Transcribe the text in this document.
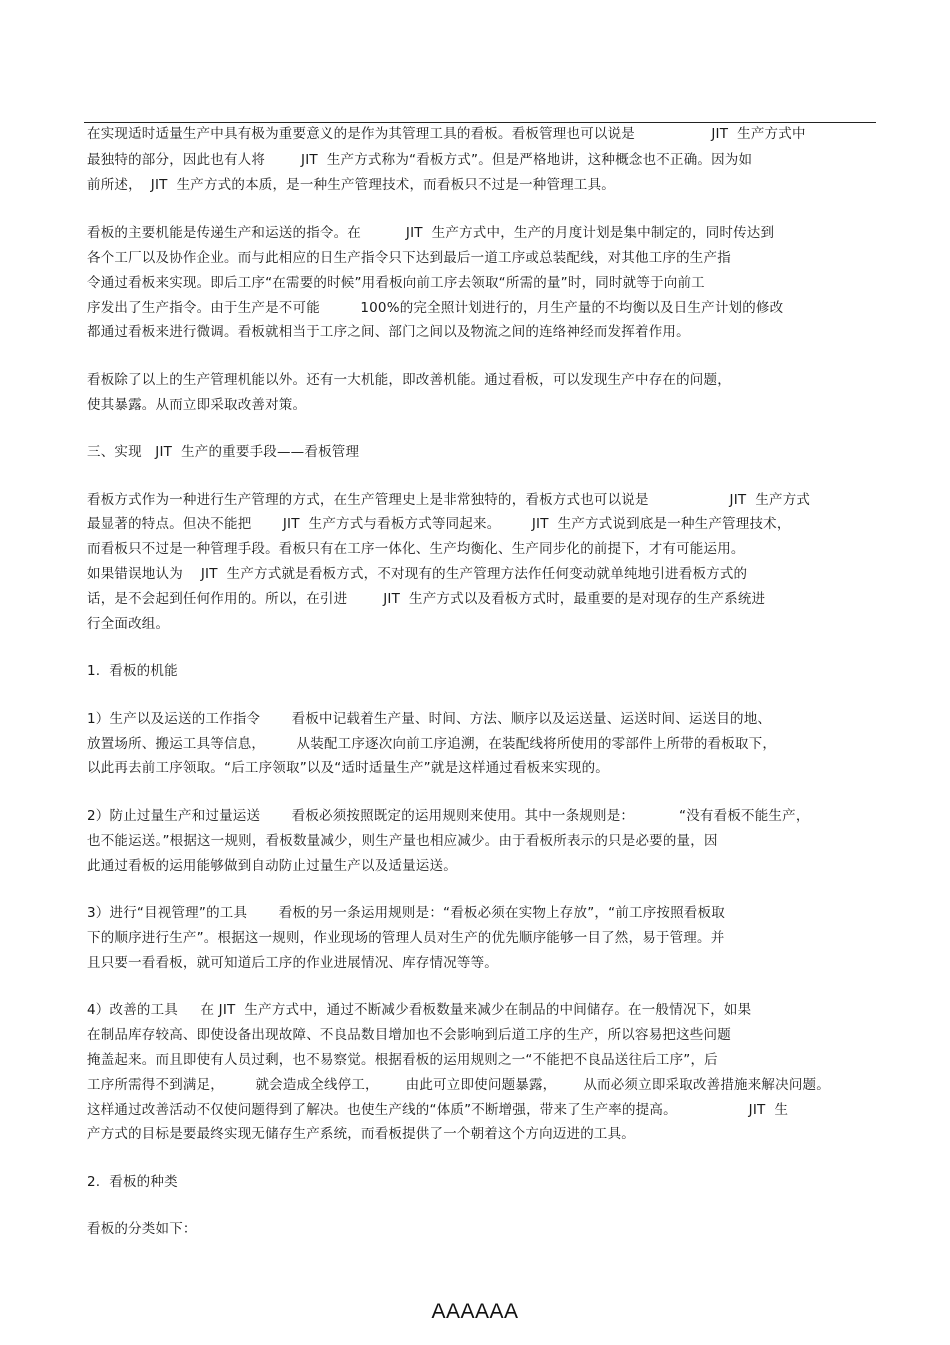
在实现适时适量生产中具有极为重要意义的是作为其管理工具的看板。看板管理也可以说是                 JIT  生产方式中
最独特的部分，因此也有人将        JIT  生产方式称为“看板方式”。但是严格地讲，这种概念也不正确。因为如
前所述，  JIT  生产方式的本质，是一种生产管理技术，而看板只不过是一种管理工具。
看板的主要机能是传递生产和运送的指令。在          JIT  生产方式中，生产的月度计划是集中制定的，同时传达到
各个工厂以及协作企业。而与此相应的日生产指令只下达到最后一道工序或总装配线，对其他工序的生产指
令通过看板来实现。即后工序“在需要的时候”用看板向前工序去领取“所需的量”时，同时就等于向前工
序发出了生产指令。由于生产是不可能         100%的完全照计划进行的，月生产量的不均衡以及日生产计划的修改
都通过看板来进行微调。看板就相当于工序之间、部门之间以及物流之间的连络神经而发挥着作用。
看板除了以上的生产管理机能以外。还有一大机能，即改善机能。通过看板，可以发现生产中存在的问题，
使其暴露。从而立即采取改善对策。
三、实现   JIT  生产的重要手段——看板管理
看板方式作为一种进行生产管理的方式，在生产管理史上是非常独特的，看板方式也可以说是                  JIT  生产方式
最显著的特点。但决不能把       JIT  生产方式与看板方式等同起来。       JIT  生产方式说到底是一种生产管理技术，
而看板只不过是一种管理手段。看板只有在工序一体化、生产均衡化、生产同步化的前提下，才有可能运用。
如果错误地认为    JIT  生产方式就是看板方式，不对现有的生产管理方法作任何变动就单纯地引进看板方式的
话，是不会起到任何作用的。所以，在引进        JIT  生产方式以及看板方式时，最重要的是对现存的生产系统进
行全面改组。
1.  看板的机能
1）生产以及运送的工作指令       看板中记载着生产量、时间、方法、顺序以及运送量、运送时间、运送目的地、
放置场所、搬运工具等信息，       从装配工序逐次向前工序追溯，在装配线将所使用的零部件上所带的看板取下，
以此再去前工序领取。“后工序领取”以及“适时适量生产”就是这样通过看板来实现的。
2）防止过量生产和过量运送       看板必须按照既定的运用规则来使用。其中一条规则是：          “没有看板不能生产，
也不能运送。”根据这一规则，看板数量减少，则生产量也相应减少。由于看板所表示的只是必要的量，因
此通过看板的运用能够做到自动防止过量生产以及适量运送。
3）进行“目视管理”的工具       看板的另一条运用规则是：“看板必须在实物上存放”，“前工序按照看板取
下的顺序进行生产”。根据这一规则，作业现场的管理人员对生产的优先顺序能够一目了然，易于管理。并
且只要一看看板，就可知道后工序的作业进展情况、库存情况等等。
4）改善的工具     在 JIT  生产方式中，通过不断减少看板数量来减少在制品的中间储存。在一般情况下，如果
在制品库存较高、即使设备出现故障、不良品数目增加也不会影响到后道工序的生产，所以容易把这些问题
掩盖起来。而且即使有人员过剩，也不易察觉。根据看板的运用规则之一“不能把不良品送往后工序”，后
工序所需得不到满足，       就会造成全线停工，      由此可立即使问题暴露，      从而必须立即采取改善措施来解决问题。
这样通过改善活动不仅使问题得到了解决。也使生产线的“体质”不断增强，带来了生产率的提高。                JIT  生
产方式的目标是要最终实现无储存生产系统，而看板提供了一个朝着这个方向迈进的工具。
2.  看板的种类
看板的分类如下：
AAAAAA
